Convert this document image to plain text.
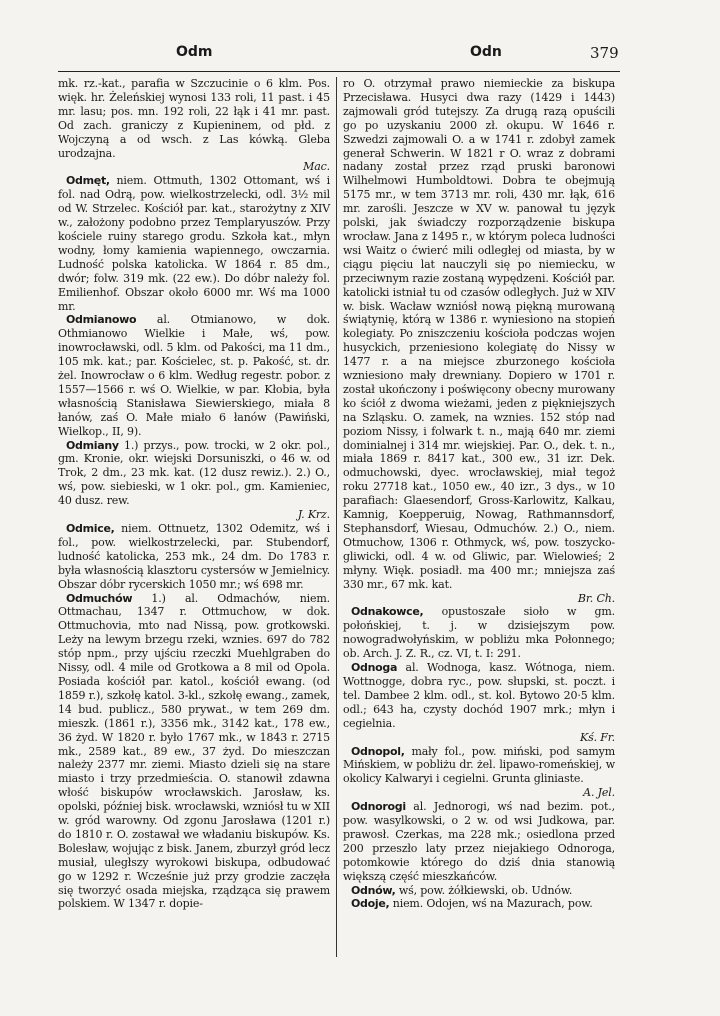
Odm	Odn	379

mk. rz.-kat., parafia w Szczucinie o 6 klm. Pos. więk. hr. Żeleńskiej wynosi 133 roli, 11 past. i 45 mr. lasu; pos. mn. 192 roli, 22 łąk i 41 mr. past. Od zach. graniczy z Kupieninem, od płd. z Wojczyną a od wsch. z Las kówką. Gleba urodzajna.
Mac.

Odmęt, niem. Ottmuth, 1302 Ottomant, wś i fol. nad Odrą, pow. wielkostrzelecki, odl. 3½ mil od W. Strzelec. Kościół par. kat., starożytny z XIV w., założony podobno przez Templaryuszów. Przy kościele ruiny starego grodu. Szkoła kat., młyn wodny, łomy kamienia wapiennego, owczarnia. Ludność polska katolicka. W 1864 r. 85 dm., dwór; folw. 319 mk. (22 ew.). Do dóbr należy fol. Emilienhof. Obszar około 6000 mr. Wś ma 1000 mr.

Odmianowo al. Otmianowo, w dok. Othmianowo Wielkie i Małe, wś, pow. inowrocławski, odl. 5 klm. od Pakości, ma 11 dm., 105 mk. kat.; par. Kościelec, st. p. Pakość, st. dr. żel. Inowrocław o 6 klm. Według regestr. pobor. z 1557—1566 r. wś O. Wielkie, w par. Kłobia, była własnością Stanisława Siewierskiego, miała 8 łanów, zaś O. Małe miało 6 łanów (Pawiński, Wielkop., II, 9).

Odmiany 1.) przys., pow. trocki, w 2 okr. pol., gm. Kronie, okr. wiejski Dorsuniszki, o 46 w. od Trok, 2 dm., 23 mk. kat. (12 dusz rewiz.). 2.) O., wś, pow. siebieski, w 1 okr. pol., gm. Kamieniec, 40 dusz. rew.
J. Krz.

Odmice, niem. Ottnuetz, 1302 Odemitz, wś i fol., pow. wielkostrzelecki, par. Stubendorf, ludność katolicka, 253 mk., 24 dm. Do 1783 r. była własnością klasztoru cystersów w Jemielnicy. Obszar dóbr rycerskich 1050 mr.; wś 698 mr.

Odmuchów 1.) al. Odmachów, niem. Ottmachau, 1347 r. Ottmuchow, w dok. Ottmuchovia, mto nad Nissą, pow. grotkowski. Leży na lewym brzegu rzeki, wznies. 697 do 782 stóp npm., przy ujściu rzeczki Muehlgraben do Nissy, odl. 4 mile od Grotkowa a 8 mil od Opola. Posiada kościół par. katol., kościół ewang. (od 1859 r.), szkołę katol. 3-kl., szkołę ewang., zamek, 14 bud. publicz., 580 prywat., w tem 269 dm. mieszk. (1861 r.), 3356 mk., 3142 kat., 178 ew., 36 żyd. W 1820 r. było 1767 mk., w 1843 r. 2715 mk., 2589 kat., 89 ew., 37 żyd. Do mieszczan należy 2377 mr. ziemi. Miasto dzieli się na stare miasto i trzy przedmieścia. O. stanowił zdawna włość biskupów wrocławskich. Jarosław, ks. opolski, później bisk. wrocławski, wzniósł tu w XII w. gród warowny. Od zgonu Jarosława (1201 r.) do 1810 r. O. zostawał we władaniu biskupów. Ks. Bolesław, wojując z bisk. Janem, zburzył gród lecz musiał, uległszy wyrokowi biskupa, odbudować go w 1292 r. Wcześnie już przy grodzie zaczęła się tworzyć osada miejska, rządząca się prawem polskiem. W 1347 r. dopie-

ro O. otrzymał prawo niemieckie za biskupa Przecisława. Husyci dwa razy (1429 i 1443) zajmowali gród tutejszy. Za drugą razą opuścili go po uzyskaniu 2000 zł. okupu. W 1646 r. Szwedzi zajmowali O. a w 1741 r. zdobył zamek generał Schwerin. W 1821 r O. wraz z dobrami nadany został przez rząd pruski baronowi Wilhelmowi Humboldtowi. Dobra te obejmują 5175 mr., w tem 3713 mr. roli, 430 mr. łąk, 616 mr. zarośli. Jeszcze w XV w. panował tu język polski, jak świadczy rozporządzenie biskupa wrocław. Jana z 1495 r., w którym poleca ludności wsi Waitz o ćwierć mili odległej od miasta, by w ciągu pięciu lat nauczyli się po niemiecku, w przeciwnym razie zostaną wypędzeni. Kościół par. katolicki istniał tu od czasów odległych. Już w XIV w. bisk. Wacław wzniósł nową piękną murowaną świątynię, którą w 1386 r. wyniesiono na stopień kolegiaty. Po zniszczeniu kościoła podczas wojen husyckich, przeniesiono kolegiatę do Nissy w 1477 r. a na miejsce zburzonego kościoła wzniesiono mały drewniany. Dopiero w 1701 r. został ukończony i poświęcony obecny murowany ko ściół z dwoma wieżami, jeden z piękniejszych na Szląsku. O. zamek, na wznies. 152 stóp nad poziom Nissy, i folwark t. n., mają 640 mr. ziemi dominialnej i 314 mr. wiejskiej. Par. O., dek. t. n., miała 1869 r. 8417 kat., 300 ew., 31 izr. Dek. odmuchowski, dyec. wrocławskiej, miał tegoż roku 27718 kat., 1050 ew., 40 izr., 3 dys., w 10 parafiach: Glaesendorf, Gross-Karlowitz, Kalkau, Kamnig, Koepperuig, Nowag, Rathmannsdorf, Stephansdorf, Wiesau, Odmuchów. 2.) O., niem. Otmuchow, 1306 r. Othmyck, wś, pow. toszycko-gliwicki, odl. 4 w. od Gliwic, par. Wielowieś; 2 młyny. Więk. posiadł. ma 400 mr.; mniejsza zaś 330 mr., 67 mk. kat.
Br. Ch.

Odnakowce, opustoszałe sioło w gm. połońskiej, t. j. w dzisiejszym pow. nowogradwołyńskim, w pobliżu mka Połonnego; ob. Arch. J. Z. R., cz. VI, t. I: 291.

Odnoga al. Wodnoga, kasz. Wótnoga, niem. Wottnogge, dobra ryc., pow. słupski, st. poczt. i tel. Dambee 2 klm. odl., st. kol. Bytowo 20·5 klm. odl.; 643 ha, czysty dochód 1907 mrk.; młyn i cegielnia.
Kś. Fr.

Odnopol, mały fol., pow. miński, pod samym Mińskiem, w pobliżu dr. żel. lipawo-romeńskiej, w okolicy Kalwaryi i cegielni. Grunta gliniaste.
A. Jel.

Odnorogi al. Jednorogi, wś nad bezim. pot., pow. wasylkowski, o 2 w. od wsi Judkowa, par. prawosł. Czerkas, ma 228 mk.; osiedlona przed 200 przeszło laty przez niejakiego Odnoroga, potomkowie którego do dziś dnia stanowią większą część mieszkańców.

Odnów, wś, pow. żółkiewski, ob. Udnów.

Odoje, niem. Odojen, wś na Mazurach, pow.
